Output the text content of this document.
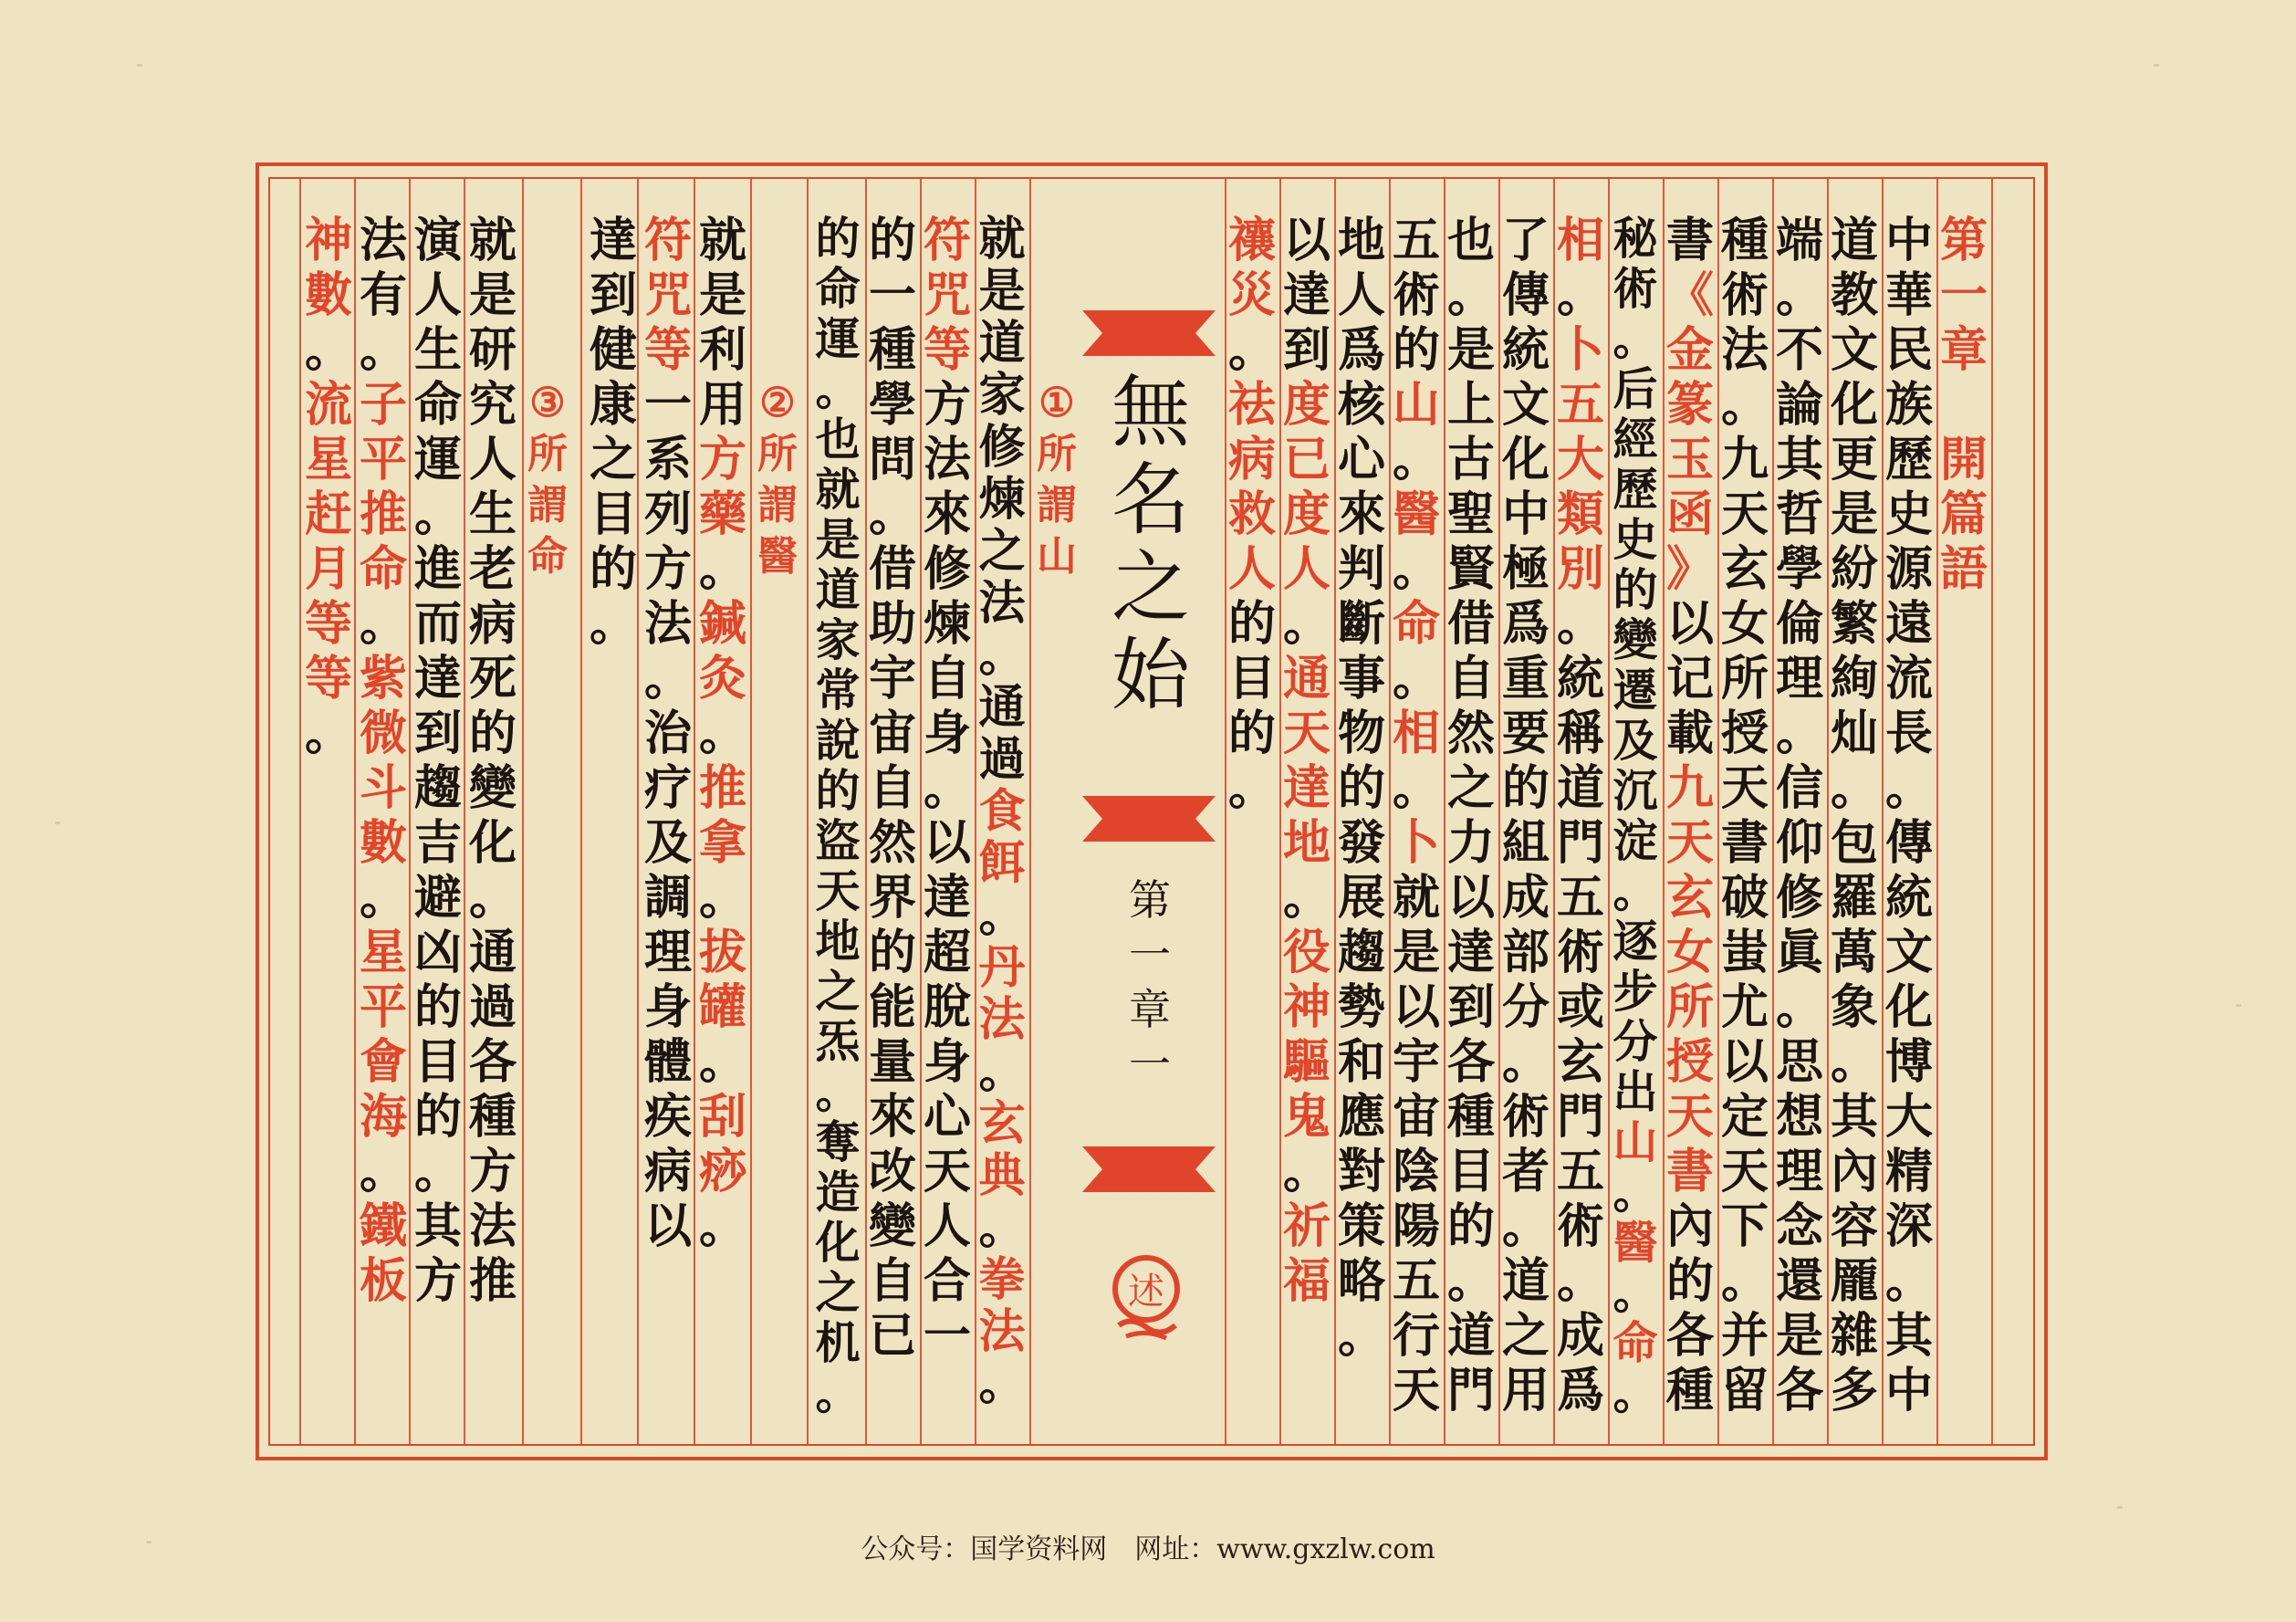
第
一
章
開
篇
語
中
華
民
族
歷
史
源
遠
流
長
。
傳
統
文
化
博
大
精
深
。
其
中
道
教
文
化
更
是
紛
繁
絢
灿
。
包
羅
萬
象
。
其
內
容
龎
雜
多
端
。
不
論
其
哲
學
倫
理
。
信
仰
修
眞
。
思
想
理
念
還
是
各
種
術
法
。
九
天
玄
女
所
授
天
書
破
蚩
尤
以
定
天
下
。
并
留
書
《
金
篆
玉
函
》
以
记
載
九
天
玄
女
所
授
天
書
內
的
各
種
秘
術
。
后
經
歷
史
的
變
遷
及
沉
淀
。
逐
步
分
出
山
。
醫
。
命
。
相
。
卜
五
大
類
別
。
統
稱
道
門
五
術
或
玄
門
五
術
。
成
爲
了
傳
統
文
化
中
極
爲
重
要
的
組
成
部
分
。
術
者
。
道
之
用
也
。
是
上
古
聖
賢
借
自
然
之
力
以
達
到
各
種
目
的
。
道
門
五
術
的
山
。
醫
。
命
。
相
。
卜
就
是
以
宇
宙
陰
陽
五
行
天
地
人
爲
核
心
來
判
斷
事
物
的
發
展
趨
勢
和
應
對
策
略
。
以
達
到
度
已
度
人
。
通
天
達
地
。
役
神
驅
鬼
。
祈
福
禳
災
。
祛
病
救
人
的
目
的
。
就
是
道
家
修
煉
之
法
。
通
過
食
餌
。
丹
法
。
玄
典
。
拳
法
。
符
咒
等
方
法
來
修
煉
自
身
。
以
達
超
脫
身
心
天
人
合
一
的
一
種
學
問
。
借
助
宇
宙
自
然
界
的
能
量
來
改
變
自
已
的
命
運
。
也
就
是
道
家
常
說
的
盜
天
地
之
炁
。
奪
造
化
之
机
。
就
是
利
用
方
藥
。
鍼
灸
。
推
拿
。
拔
罐
。
刮
痧
。
符
咒
等
一
系
列
方
法
。
治
疗
及
調
理
身
體
疾
病
以
達
到
健
康
之
目
的
。
就
是
研
究
人
生
老
病
死
的
變
化
。
通
過
各
種
方
法
推
演
人
生
命
運
。
進
而
達
到
趨
吉
避
凶
的
目
的
。
其
方
法
有
。
子
平
推
命
。
紫
微
斗
數
。
星
平
會
海
。
鐵
板
神
數
。
流
星
赶
月
等
等
。
①
所
謂
山
②
所
謂
醫
③
所
謂
命
無
名
之
始
第
一
章
一
述
公众号：国学资料网　网址：www.gxzlw.com
